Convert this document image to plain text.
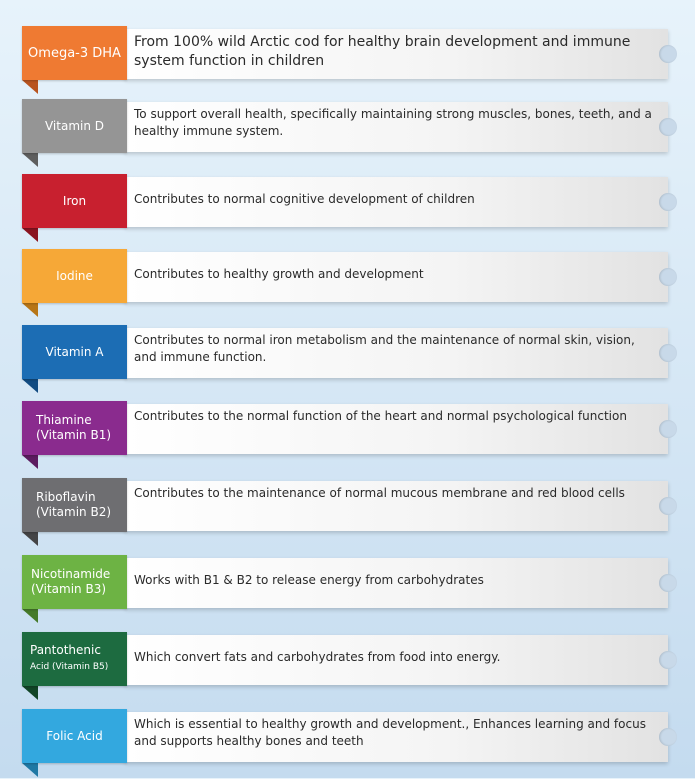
Omega-3 DHA
From 100% wild Arctic cod for healthy brain development and immune system function in children
Vitamin D
To support overall health, specifically maintaining strong muscles, bones, teeth, and a healthy immune system.
Iron	Contributes to normal cognitive development of children
Iodine	Contributes to healthy growth and development
Vitamin A
Contributes to normal iron metabolism and the maintenance of normal skin, vision, and immune function.
Thiamine
(Vitamin B1)
Contributes to the normal function of the heart and normal psychological function
Riboflavin
(Vitamin B2)
Contributes to the maintenance of normal mucous membrane and red blood cells
Nicotinamide
(Vitamin B3)
Works with B1 & B2 to release energy from carbohydrates
Pantothenic
Acid (Vitamin B5)
Which convert fats and carbohydrates from food into energy.
Folic Acid
Which is essential to healthy growth and development., Enhances learning and focus and supports healthy bones and teeth
